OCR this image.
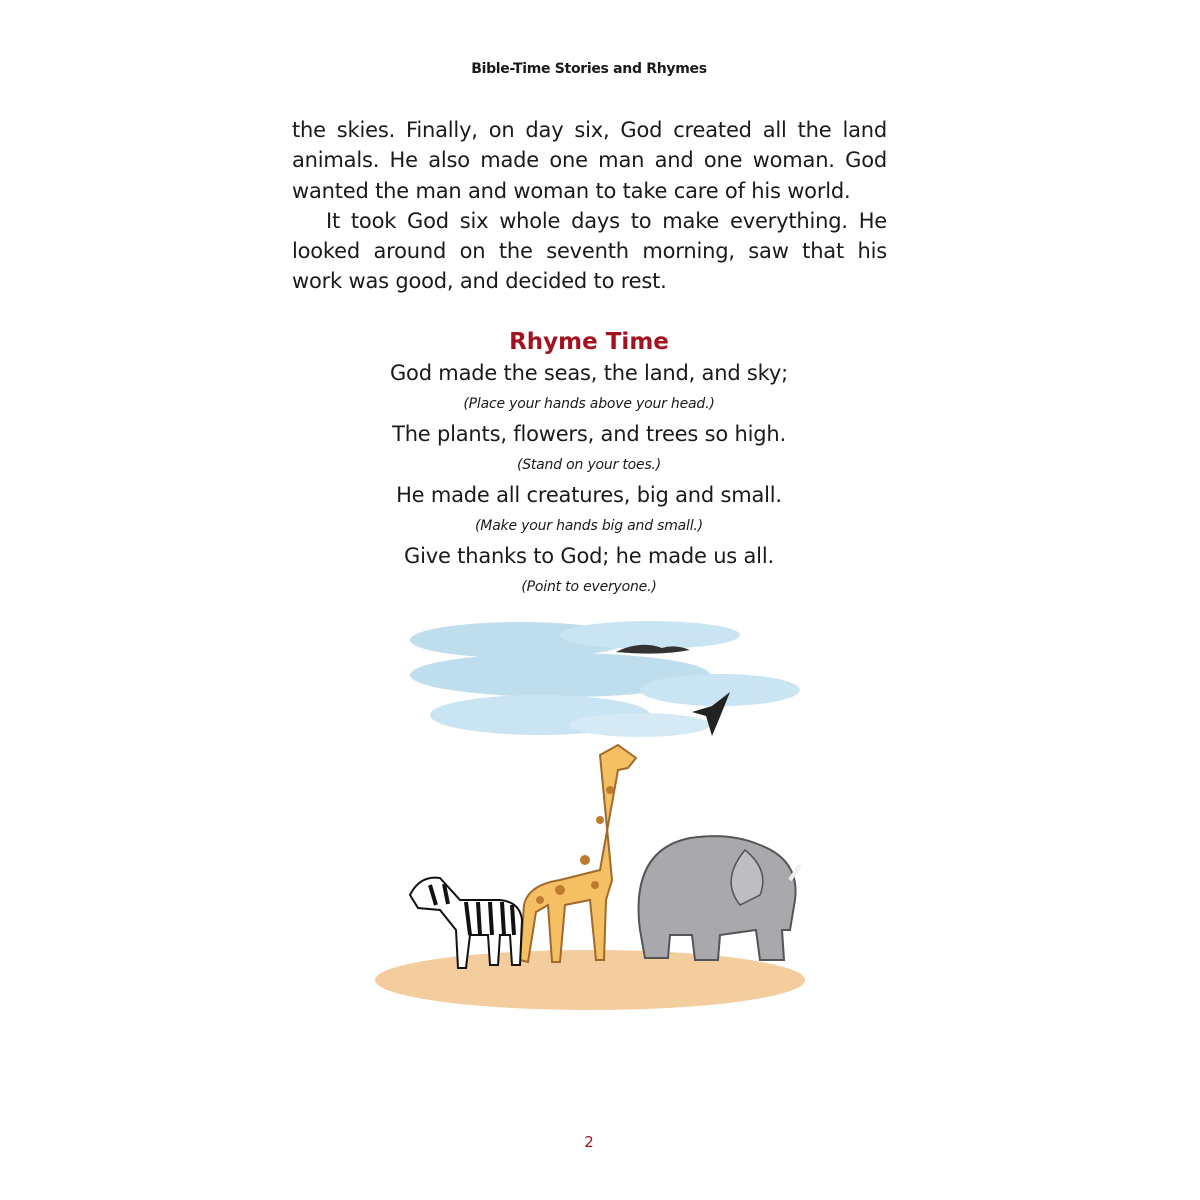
Bible-Time Stories and Rhymes
the skies. Finally, on day six, God created all the land
animals. He also made one man and one woman. God
wanted the man and woman to take care of his world.
It took God six whole days to make everything. He
looked around on the seventh morning, saw that his
work was good, and decided to rest.
Rhyme Time
God made the seas, the land, and sky;
(Place your hands above your head.)
The plants, flowers, and trees so high.
(Stand on your toes.)
He made all creatures, big and small.
(Make your hands big and small.)
Give thanks to God; he made us all.
(Point to everyone.)
2
